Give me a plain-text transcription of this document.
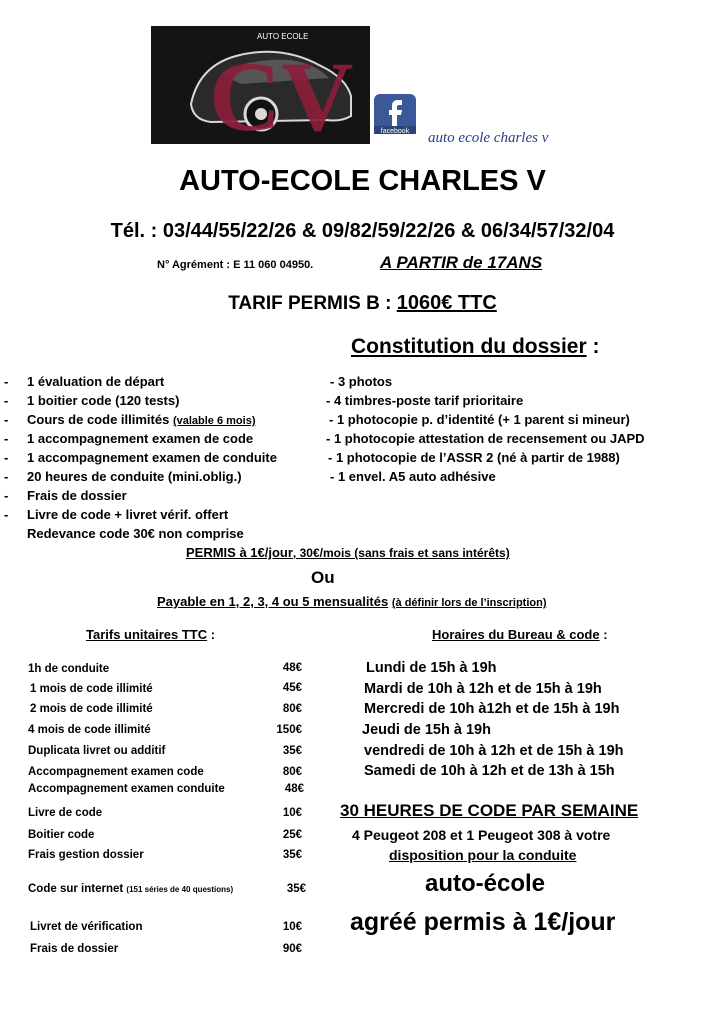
CV
AUTO ECOLE
facebook auto ecole charles v
AUTO-ECOLE CHARLES V
Tél. : 03/44/55/22/26 & 09/82/59/22/26 & 06/34/57/32/04
N° Agrément : E 11 060 04950.	A PARTIR de 17ANS
TARIF PERMIS B : 1060€ TTC
Constitution du dossier :
- 1 évaluation de départ
- 1 boitier code (120 tests)
- Cours de code illimités (valable 6 mois)
- 1 accompagnement examen de code
- 1 accompagnement examen de conduite
- 20 heures de conduite (mini.oblig.)
- Frais de dossier
- Livre de code + livret vérif. offert
Redevance code 30€ non comprise
- 3 photos
- 4 timbres-poste tarif prioritaire
- 1 photocopie p. d’identité (+ 1 parent si mineur)
- 1 photocopie attestation de recensement ou JAPD
- 1 photocopie de l’ASSR 2 (né à partir de 1988)
- 1 envel. A5 auto adhésive
PERMIS à 1€/jour, 30€/mois (sans frais et sans intérêts)
Ou
Payable en 1, 2, 3, 4 ou 5 mensualités (à définir lors de l’inscription)
Tarifs unitaires TTC :	Horaires du Bureau & code :
1h de conduite	48€
1 mois de code illimité	45€
2 mois de code illimité	80€
4 mois de code illimité	150€
Duplicata livret ou additif	35€
Accompagnement examen code	80€
Accompagnement examen conduite	48€
Livre de code	10€
Boitier code	25€
Frais gestion dossier	35€
Code sur internet (151 séries de 40 questions)	35€
Livret de vérification	10€
Frais de dossier	90€
Lundi de 15h à 19h
Mardi de 10h à 12h et de 15h à 19h
Mercredi de 10h à12h et de 15h à 19h
Jeudi de 15h à 19h
vendredi de 10h à 12h et de 15h à 19h
Samedi de 10h à 12h et de 13h à 15h
30 HEURES DE CODE PAR SEMAINE
4 Peugeot 208 et 1 Peugeot 308 à votre
disposition pour la conduite
auto-école
agréé permis à 1€/jour
